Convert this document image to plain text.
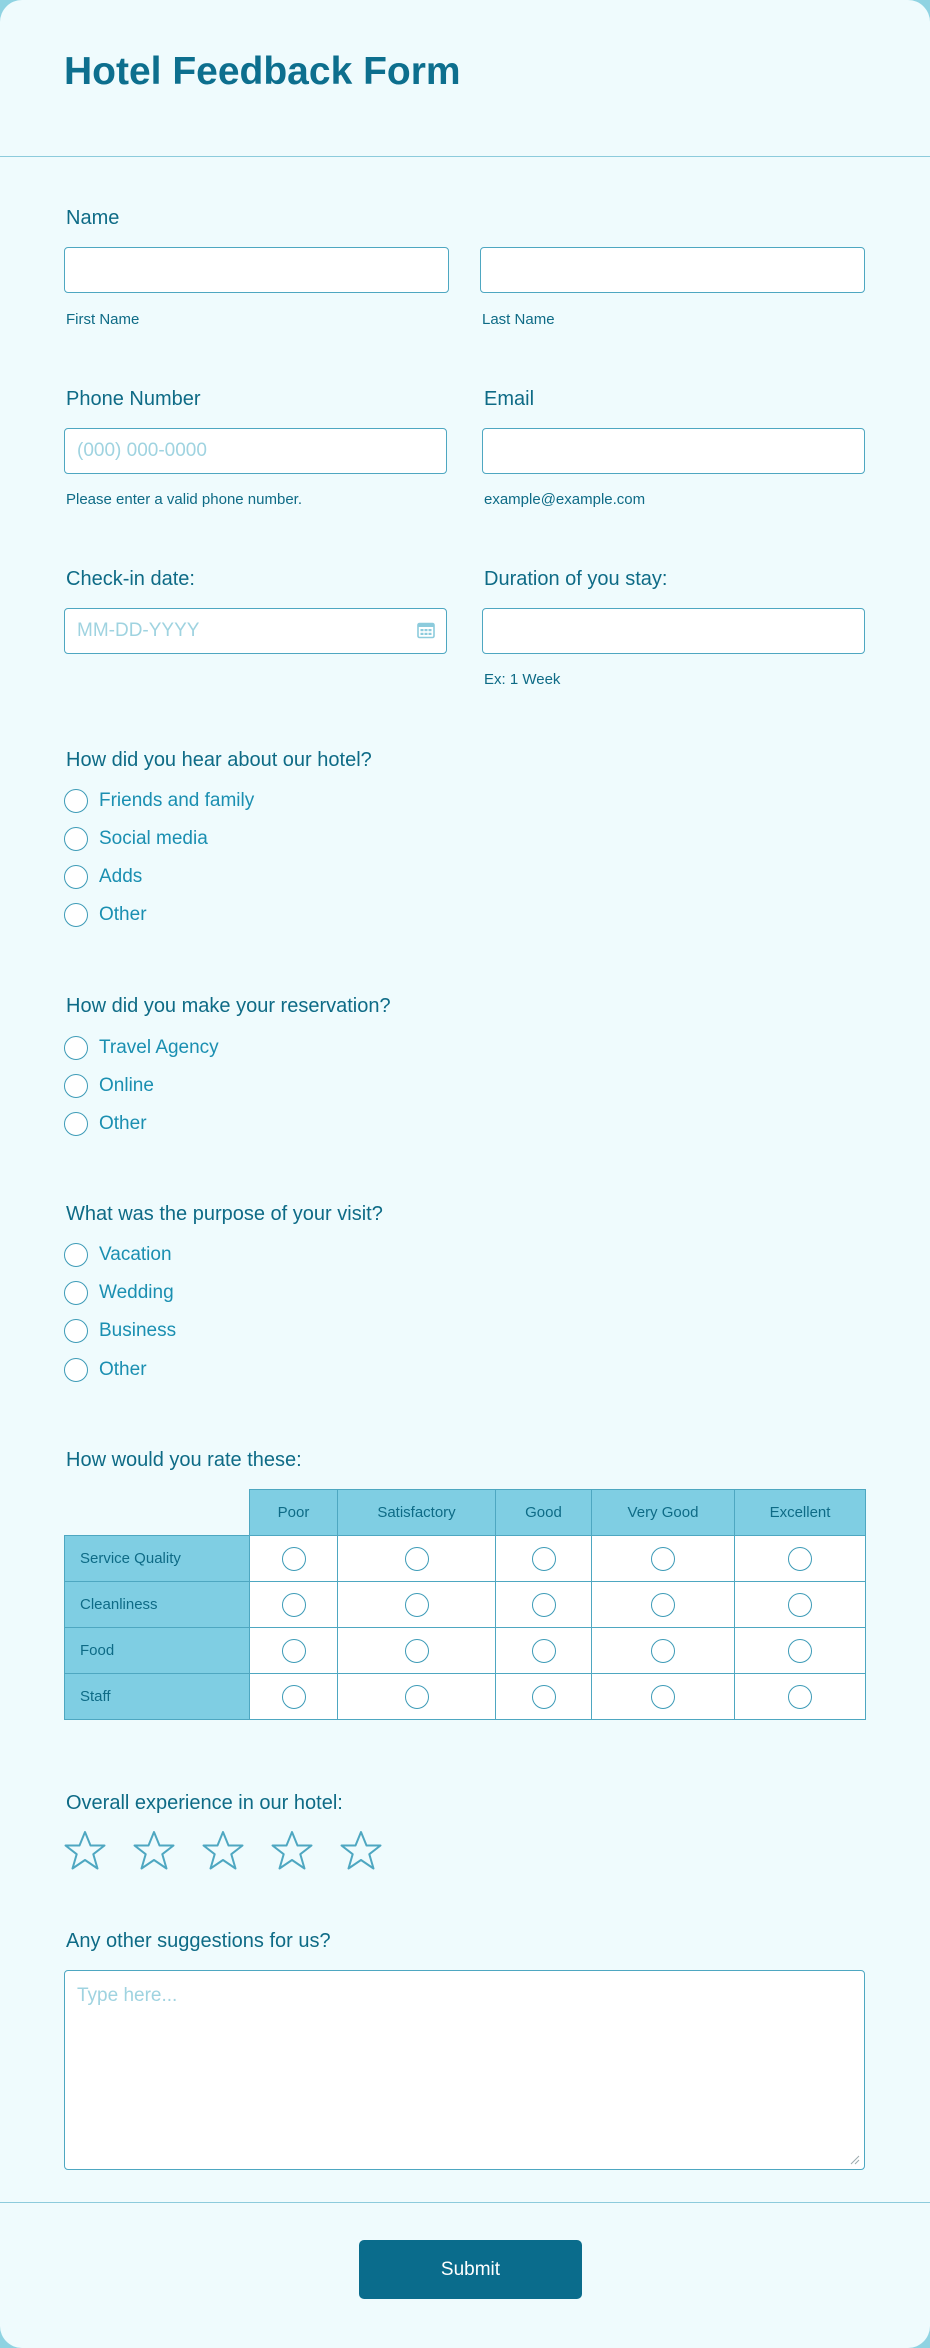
Hotel Feedback Form
Name
First Name	Last Name
Phone Number
(000) 000-0000
Please enter a valid phone number.
Email
example@example.com
Check-in date:
MM-DD-YYYY	Duration of you stay:
Ex: 1 Week
How did you hear about our hotel?
Friends and family
Social media
Adds
Other
How did you make your reservation?
Travel Agency
Online
Other
What was the purpose of your visit?
Vacation
Wedding
Business
Other
How would you rate these:
	Poor	Satisfactory	Good	Very Good	Excellent
Service Quality					
Cleanliness					
Food					
Staff					
Overall experience in our hotel:
Any other suggestions for us?
Type here...
Submit
